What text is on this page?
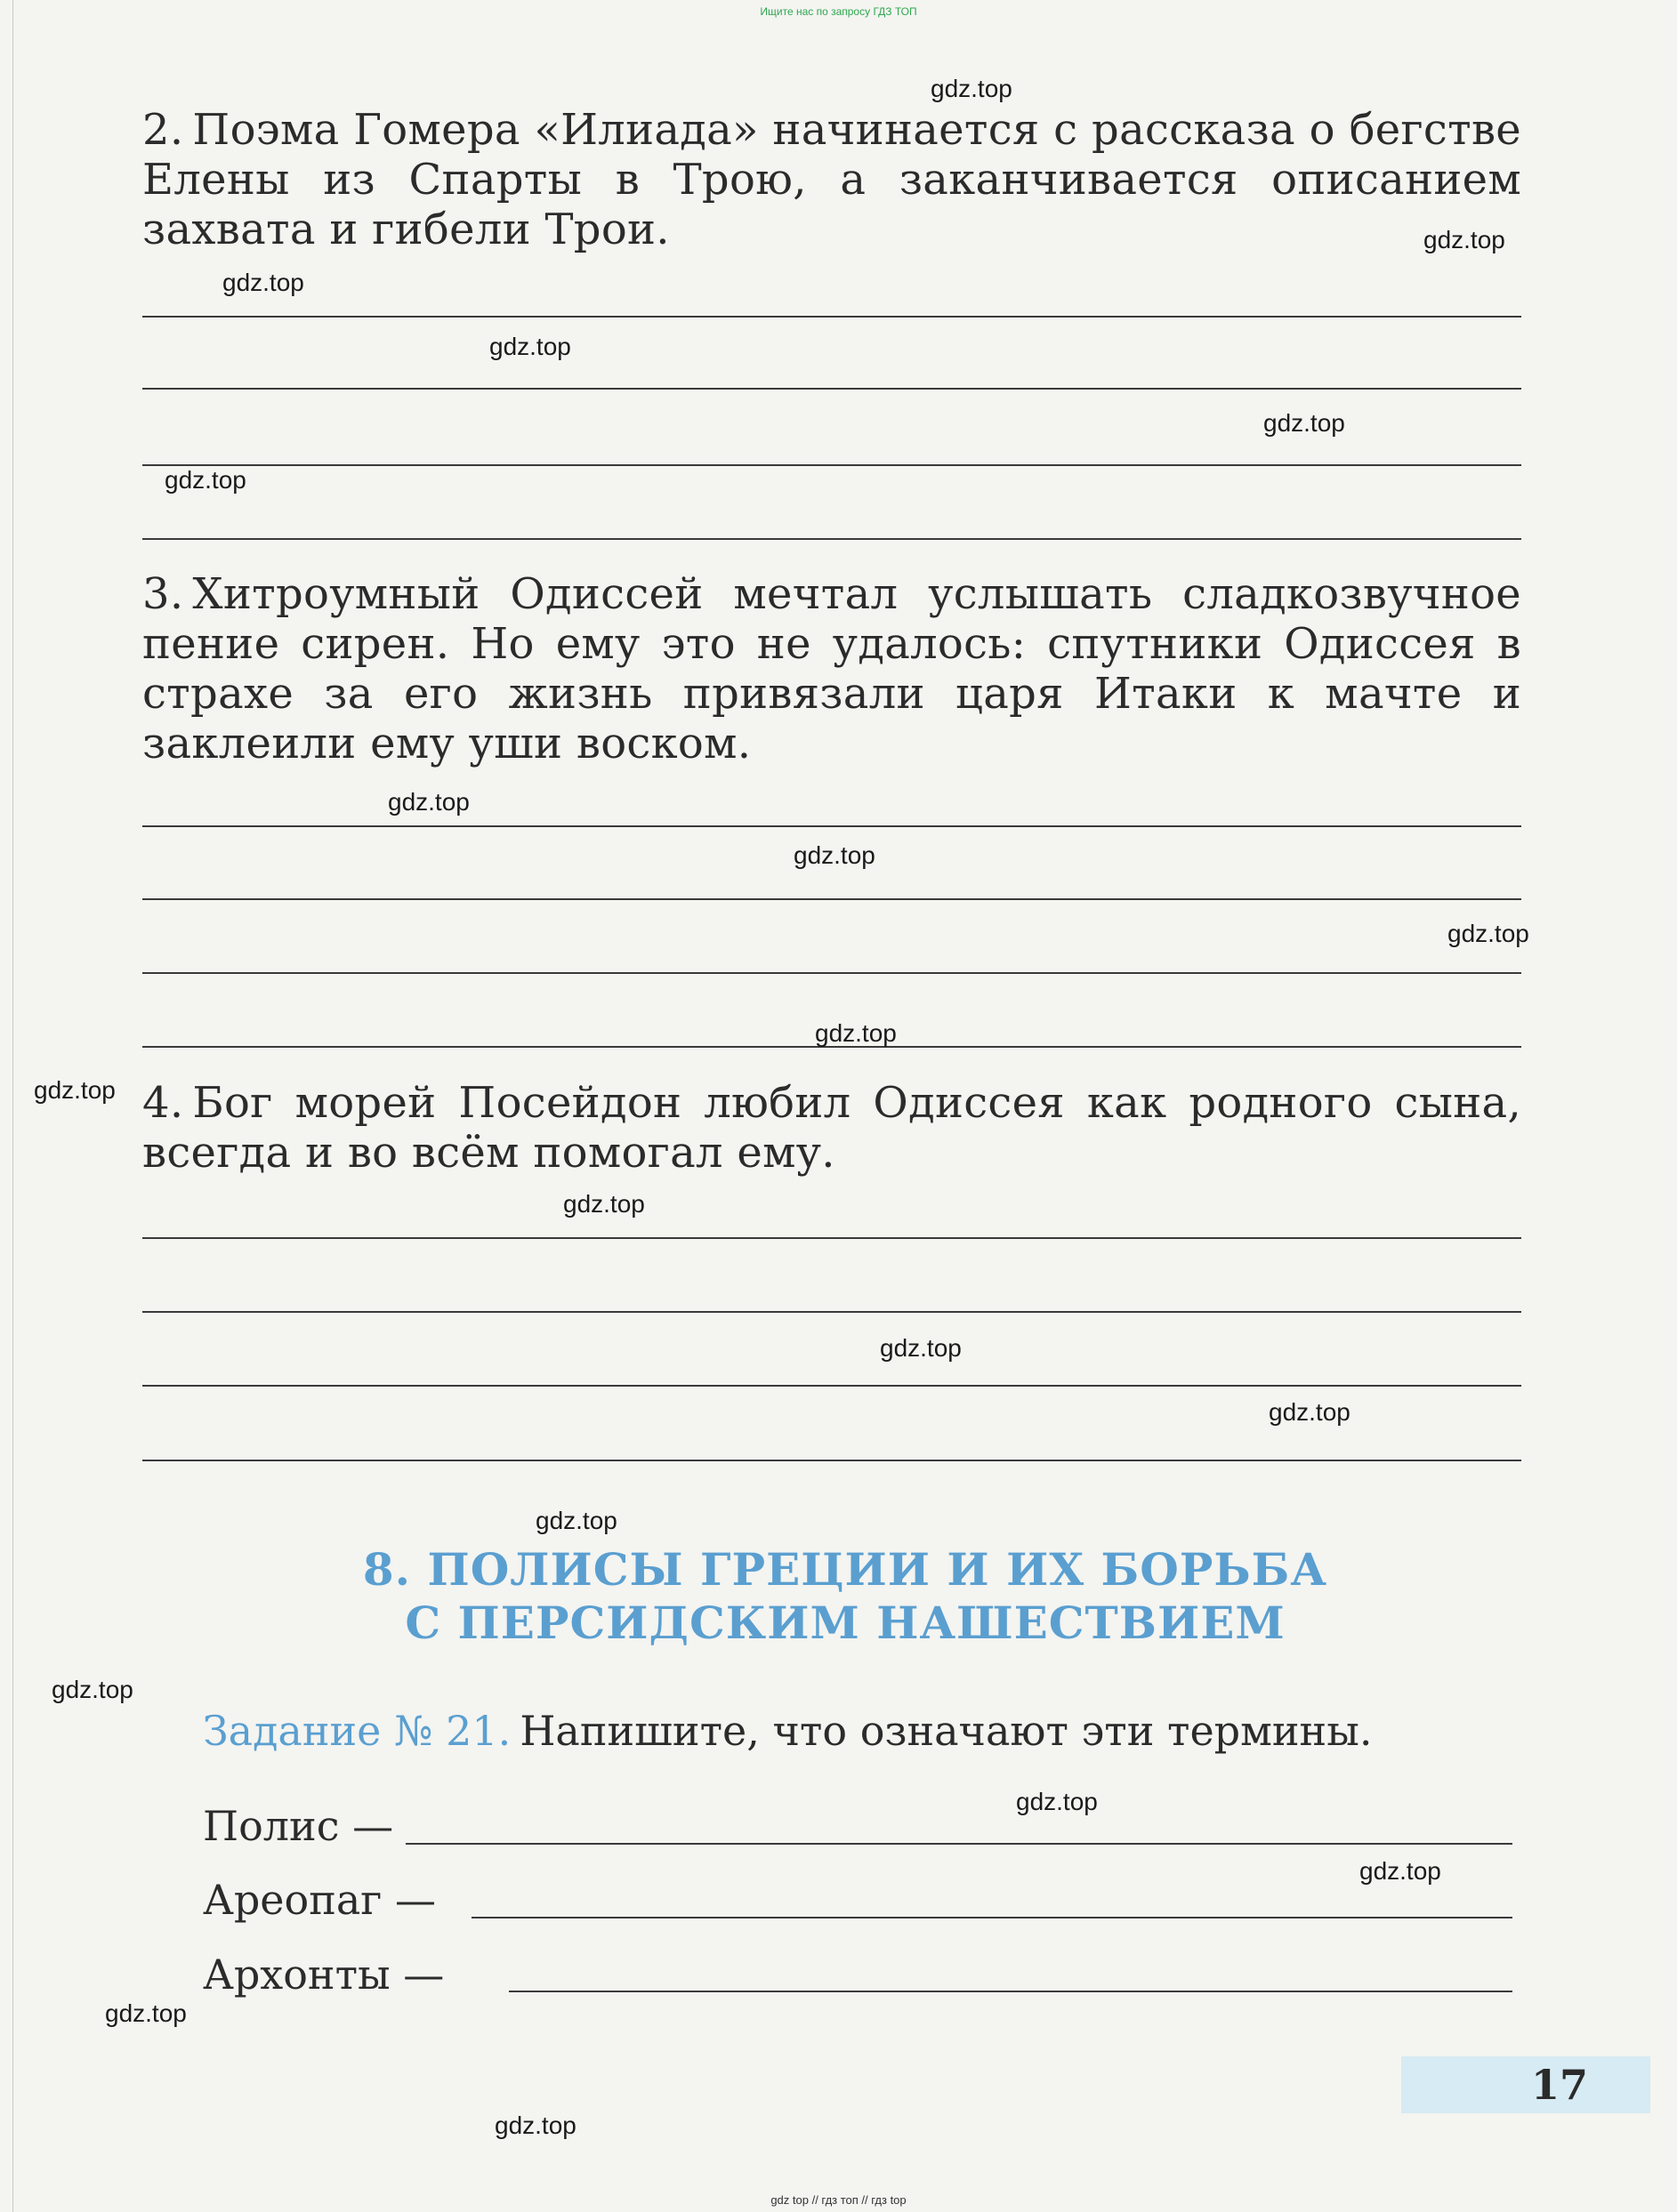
Ищите нас по запросу ГДЗ ТОП

2. Поэма Гомера «Илиада» начинается с рассказа о бегстве Елены из Спарты в Трою, а заканчивается описанием захвата и гибели Трои.

3. Хитроумный Одиссей мечтал услышать сладкозвучное пение сирен. Но ему это не удалось: спутники Одиссея в страхе за его жизнь привязали царя Итаки к мачте и заклеили ему уши воском.

4. Бог морей Посейдон любил Одиссея как родного сына, всегда и во всём помогал ему.

8. ПОЛИСЫ ГРЕЦИИ И ИХ БОРЬБА
С ПЕРСИДСКИМ НАШЕСТВИЕМ
Задание № 21. Напишите, что означают эти термины.
Полис —
Ареопаг —
Архонты —
17
gdz.top
gdz.top
gdz.top
gdz.top
gdz.top
gdz.top
gdz.top
gdz.top
gdz.top
gdz.top
gdz.top
gdz.top
gdz.top
gdz.top
gdz.top
gdz.top
gdz.top
gdz.top
gdz.top
gdz.top
gdz top // гдз топ // гдз top
